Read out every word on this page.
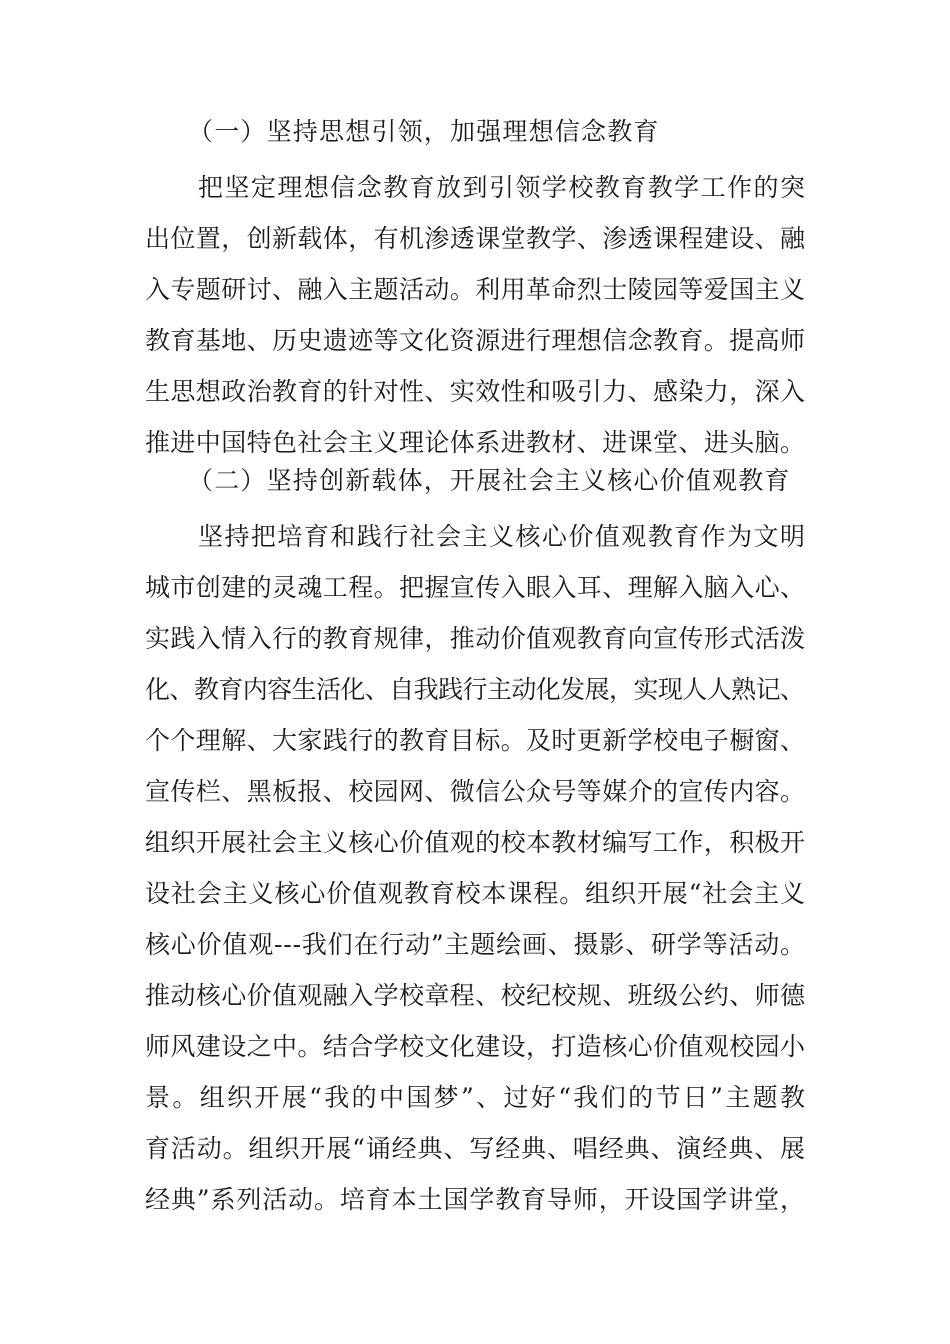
（一）坚持思想引领，加强理想信念教育
把坚定理想信念教育放到引领学校教育教学工作的突
出位置，创新载体，有机渗透课堂教学、渗透课程建设、融
入专题研讨、融入主题活动。利用革命烈士陵园等爱国主义
教育基地、历史遗迹等文化资源进行理想信念教育。提高师
生思想政治教育的针对性、实效性和吸引力、感染力，深入
推进中国特色社会主义理论体系进教材、进课堂、进头脑。
（二）坚持创新载体，开展社会主义核心价值观教育
坚持把培育和践行社会主义核心价值观教育作为文明
城市创建的灵魂工程。把握宣传入眼入耳、理解入脑入心、
实践入情入行的教育规律，推动价值观教育向宣传形式活泼
化、教育内容生活化、自我践行主动化发展，实现人人熟记、
个个理解、大家践行的教育目标。及时更新学校电子橱窗、
宣传栏、黑板报、校园网、微信公众号等媒介的宣传内容。
组织开展社会主义核心价值观的校本教材编写工作，积极开
设社会主义核心价值观教育校本课程。组织开展“社会主义
核心价值观---我们在行动”主题绘画、摄影、研学等活动。
推动核心价值观融入学校章程、校纪校规、班级公约、师德
师风建设之中。结合学校文化建设，打造核心价值观校园小
景。组织开展“我的中国梦”、过好“我们的节日”主题教
育活动。组织开展“诵经典、写经典、唱经典、演经典、展
经典”系列活动。培育本土国学教育导师，开设国学讲堂，
